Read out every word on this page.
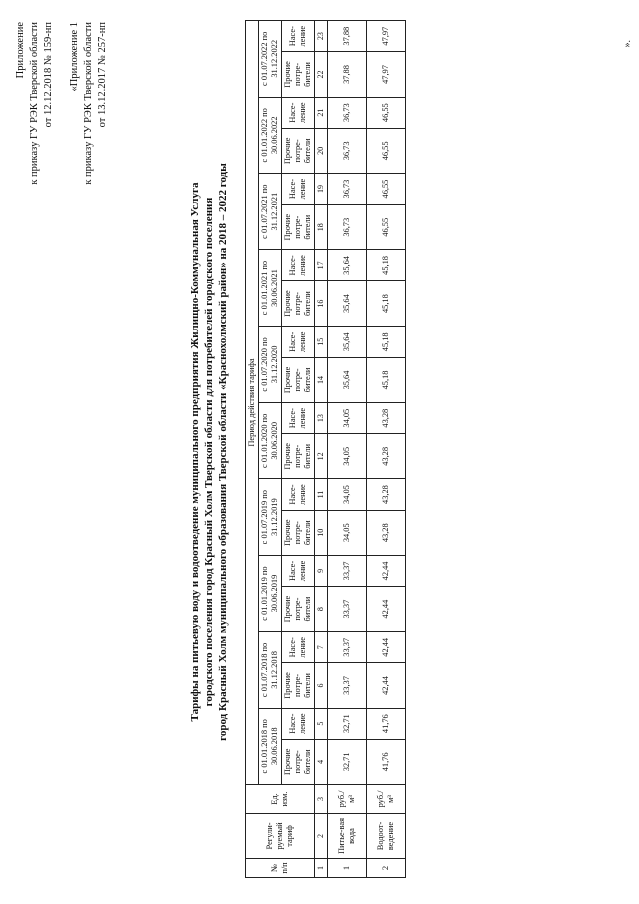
Приложение к приказу ГУ РЭК Тверской области от 12.12.2018 № 159-нп «Приложение 1 к приказу ГУ РЭК Тверской области от 13.12.2017 № 257-нп
Тарифы на питьевую воду и водоотведение муниципального предприятия Жилищно-Коммунальная Услуга городского поселения город Красный Холм Тверской области для потребителей городского поселения город Красный Холм муниципального образования Тверской области «Краснохолмский район» на 2018 – 2022 годы
№ п/п	Регули-руемый тариф	Ед. изм.	Период действия тарифа																			
			с 01.01.2018 по 30.06.2018		с 01.07.2018 по 31.12.2018		с 01.01.2019 по 30.06.2019		с 01.07.2019 по 31.12.2019		с 01.01.2020 по 30.06.2020		с 01.07.2020 по 31.12.2020		с 01.01.2021 по 30.06.2021		с 01.07.2021 по 31.12.2021		с 01.01.2022 по 30.06.2022		с 01.07.2022 по 31.12.2022	
			Прочие потре-бители	Насе-ление	Прочие потре-бители	Насе-ление	Прочие потре-бители	Насе-ление	Прочие потре-бители	Насе-ление	Прочие потре-бители	Насе-ление	Прочие потре-бители	Насе-ление	Прочие потре-бители	Насе-ление	Прочие потре-бители	Насе-ление	Прочие потре-бители	Насе-ление	Прочие потре-бители	Насе-ление
1	2	3	4	5	6	7	8	9	10	11	12	13	14	15	16	17	18	19	20	21	22	23
1	Питье-вая вода	руб./м³	32,71	32,71	33,37	33,37	33,37	33,37	34,05	34,05	34,05	34,05	35,64	35,64	35,64	35,64	36,73	36,73	36,73	36,73	37,88	37,88
2	Водоот-ведение	руб./м³	41,76	41,76	42,44	42,44	42,44	42,44	43,28	43,28	43,28	43,28	45,18	45,18	45,18	45,18	46,55	46,55	46,55	46,55	47,97	47,97	».
